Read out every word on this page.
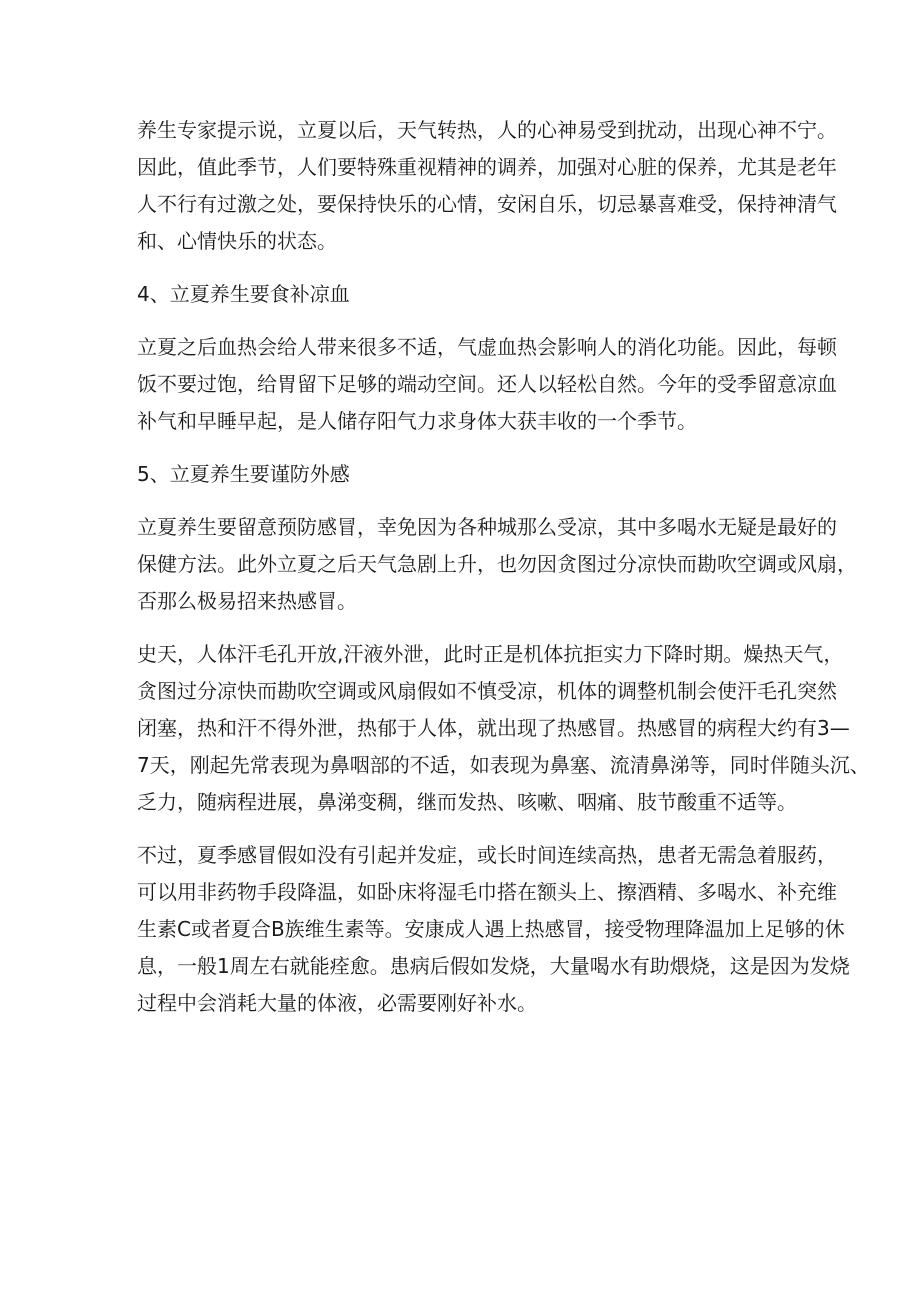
养生专家提示说，立夏以后，天气转热，人的心神易受到扰动，出现心神不宁。
因此，值此季节，人们要特殊重视精神的调养，加强对心脏的保养，尤其是老年
人不行有过激之处，要保持快乐的心情，安闲自乐，切忌暴喜难受，保持神清气
和、心情快乐的状态。
4、立夏养生要食补凉血
立夏之后血热会给人带来很多不适，气虚血热会影响人的消化功能。因此，每顿
饭不要过饱，给胃留下足够的端动空间。还人以轻松自然。今年的受季留意凉血
补气和早睡早起，是人储存阳气力求身体大获丰收的一个季节。
5、立夏养生要谨防外感
立夏养生要留意预防感冒，幸免因为各种城那么受凉，其中多喝水无疑是最好的
保健方法。此外立夏之后天气急剧上升，也勿因贪图过分凉快而勘吹空调或风扇，
否那么极易招来热感冒。
史天，人体汗毛孔开放,汗液外泄，此时正是机体抗拒实力下降时期。燥热天气，
贪图过分凉快而勘吹空调或风扇假如不慎受凉，机体的调整机制会使汗毛孔突然
闭塞，热和汗不得外泄，热郁于人体，就出现了热感冒。热感冒的病程大约有3—
7天，刚起先常表现为鼻咽部的不适，如表现为鼻塞、流清鼻涕等，同时伴随头沉、
乏力，随病程进展，鼻涕变稠，继而发热、咳嗽、咽痛、肢节酸重不适等。
不过，夏季感冒假如没有引起并发症，或长时间连续高热，患者无需急着服药，
可以用非药物手段降温，如卧床将湿毛巾搭在额头上、擦酒精、多喝水、补充维
生素C或者夏合B族维生素等。安康成人遇上热感冒，接受物理降温加上足够的休
息，一般1周左右就能痊愈。患病后假如发烧，大量喝水有助煨烧，这是因为发烧
过程中会消耗大量的体液，必需要刚好补水。
